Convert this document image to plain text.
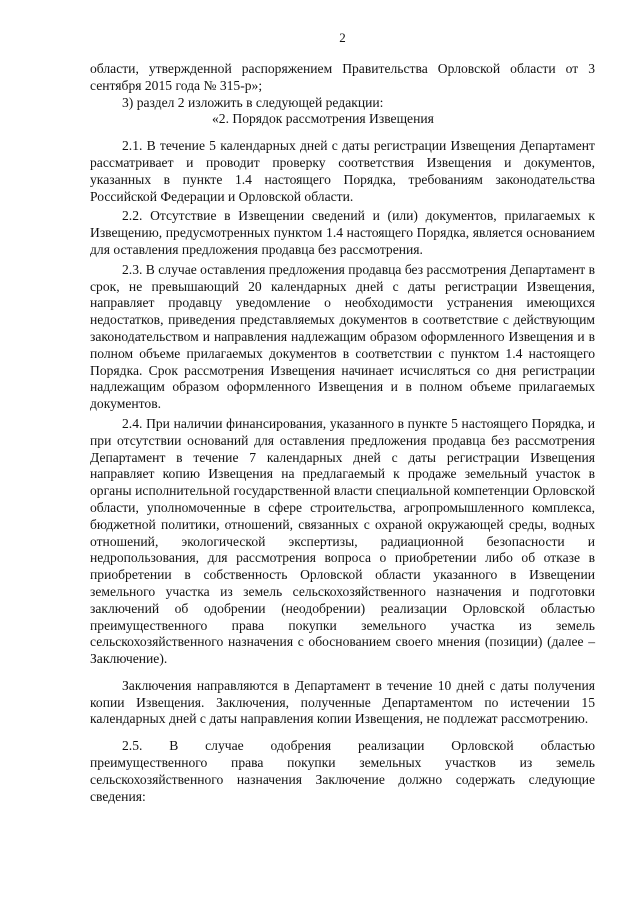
2

области, утвержденной распоряжением Правительства Орловской области от 3 сентября 2015 года № 315-р»;

3) раздел 2 изложить в следующей редакции:

«2. Порядок рассмотрения Извещения

2.1. В течение 5 календарных дней с даты регистрации Извещения Департамент рассматривает и проводит проверку соответствия Извещения и документов, указанных в пункте 1.4 настоящего Порядка, требованиям законодательства Российской Федерации и Орловской области.

2.2. Отсутствие в Извещении сведений и (или) документов, прилагаемых к Извещению, предусмотренных пунктом 1.4 настоящего Порядка, является основанием для оставления предложения продавца без рассмотрения.

2.3. В случае оставления предложения продавца без рассмотрения Департамент в срок, не превышающий 20 календарных дней с даты регистрации Извещения, направляет продавцу уведомление о необходимости устранения имеющихся недостатков, приведения представляемых документов в соответствие с действующим законодательством и направления надлежащим образом оформленного Извещения и в полном объеме прилагаемых документов в соответствии с пунктом 1.4 настоящего Порядка. Срок рассмотрения Извещения начинает исчисляться со дня регистрации надлежащим образом оформленного Извещения и в полном объеме прилагаемых документов.

2.4. При наличии финансирования, указанного в пункте 5 настоящего Порядка, и при отсутствии оснований для оставления предложения продавца без рассмотрения Департамент в течение 7 календарных дней с даты регистрации Извещения направляет копию Извещения на предлагаемый к продаже земельный участок в органы исполнительной государственной власти специальной компетенции Орловской области, уполномоченные в сфере строительства, агропромышленного комплекса, бюджетной политики, отношений, связанных с охраной окружающей среды, водных отношений, экологической экспертизы, радиационной безопасности и недропользования, для рассмотрения вопроса о приобретении либо об отказе в приобретении в собственность Орловской области указанного в Извещении земельного участка из земель сельскохозяйственного назначения и подготовки заключений об одобрении (неодобрении) реализации Орловской областью преимущественного права покупки земельного участка из земель сельскохозяйственного назначения с обоснованием своего мнения (позиции) (далее – Заключение).

Заключения направляются в Департамент в течение 10 дней с даты получения копии Извещения. Заключения, полученные Департаментом по истечении 15 календарных дней с даты направления копии Извещения, не подлежат рассмотрению.

2.5. В случае одобрения реализации Орловской областью преимущественного права покупки земельных участков из земель сельскохозяйственного назначения Заключение должно содержать следующие сведения:
